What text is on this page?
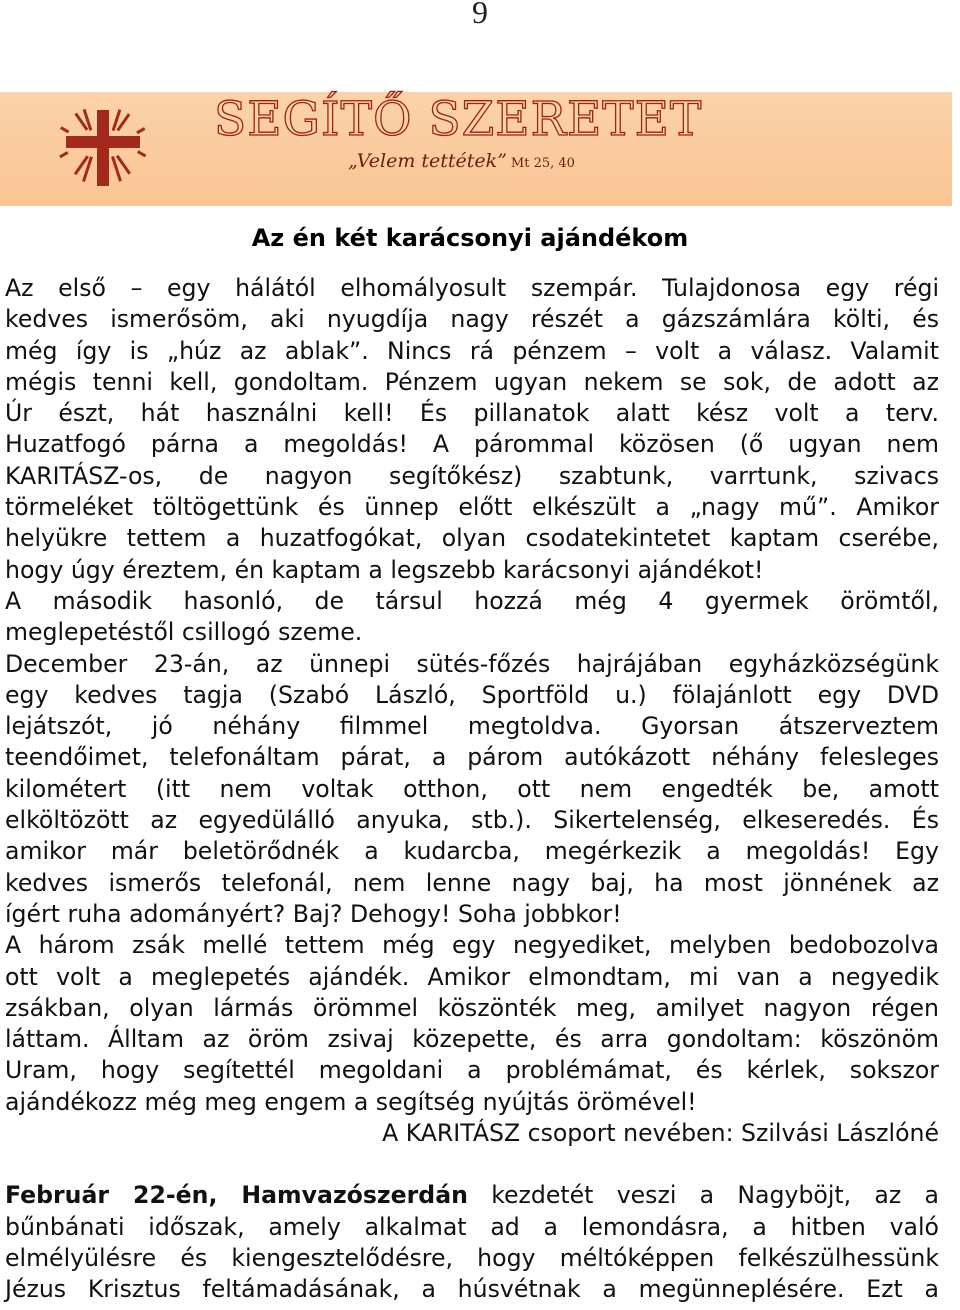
9
SEGÍTŐ SZERETET
„Velem tettétek” Mt 25, 40
Az én két karácsonyi ajándékom
Az első – egy hálától elhomályosult szempár. Tulajdonosa egy régi
kedves ismerősöm, aki nyugdíja nagy részét a gázszámlára költi, és
még így is „húz az ablak”. Nincs rá pénzem – volt a válasz. Valamit
mégis tenni kell, gondoltam. Pénzem ugyan nekem se sok, de adott az
Úr észt, hát használni kell! És pillanatok alatt kész volt a terv.
Huzatfogó párna a megoldás! A párommal közösen (ő ugyan nem
KARITÁSZ-os, de nagyon segítőkész) szabtunk, varrtunk, szivacs
törmeléket töltögettünk és ünnep előtt elkészült a „nagy mű”. Amikor
helyükre tettem a huzatfogókat, olyan csodatekintetet kaptam cserébe,
hogy úgy éreztem, én kaptam a legszebb karácsonyi ajándékot!
A második hasonló, de társul hozzá még 4 gyermek örömtől,
meglepetéstől csillogó szeme.
December 23-án, az ünnepi sütés-főzés hajrájában egyházközségünk
egy kedves tagja (Szabó László, Sportföld u.) fölajánlott egy DVD
lejátszót, jó néhány filmmel megtoldva. Gyorsan átszerveztem
teendőimet, telefonáltam párat, a párom autókázott néhány felesleges
kilométert (itt nem voltak otthon, ott nem engedték be, amott
elköltözött az egyedülálló anyuka, stb.). Sikertelenség, elkeseredés. És
amikor már beletörődnék a kudarcba, megérkezik a megoldás! Egy
kedves ismerős telefonál, nem lenne nagy baj, ha most jönnének az
ígért ruha adományért? Baj? Dehogy! Soha jobbkor!
A három zsák mellé tettem még egy negyediket, melyben bedobozolva
ott volt a meglepetés ajándék. Amikor elmondtam, mi van a negyedik
zsákban, olyan lármás örömmel köszönték meg, amilyet nagyon régen
láttam. Álltam az öröm zsivaj közepette, és arra gondoltam: köszönöm
Uram, hogy segítettél megoldani a problémámat, és kérlek, sokszor
ajándékozz még meg engem a segítség nyújtás örömével!
A KARITÁSZ csoport nevében: Szilvási Lászlóné
Február 22-én, Hamvazószerdán kezdetét veszi a Nagyböjt, az a
bűnbánati időszak, amely alkalmat ad a lemondásra, a hitben való
elmélyülésre és kiengesztelődésre, hogy méltóképpen felkészülhessünk
Jézus Krisztus feltámadásának, a húsvétnak a megünneplésére. Ezt a
